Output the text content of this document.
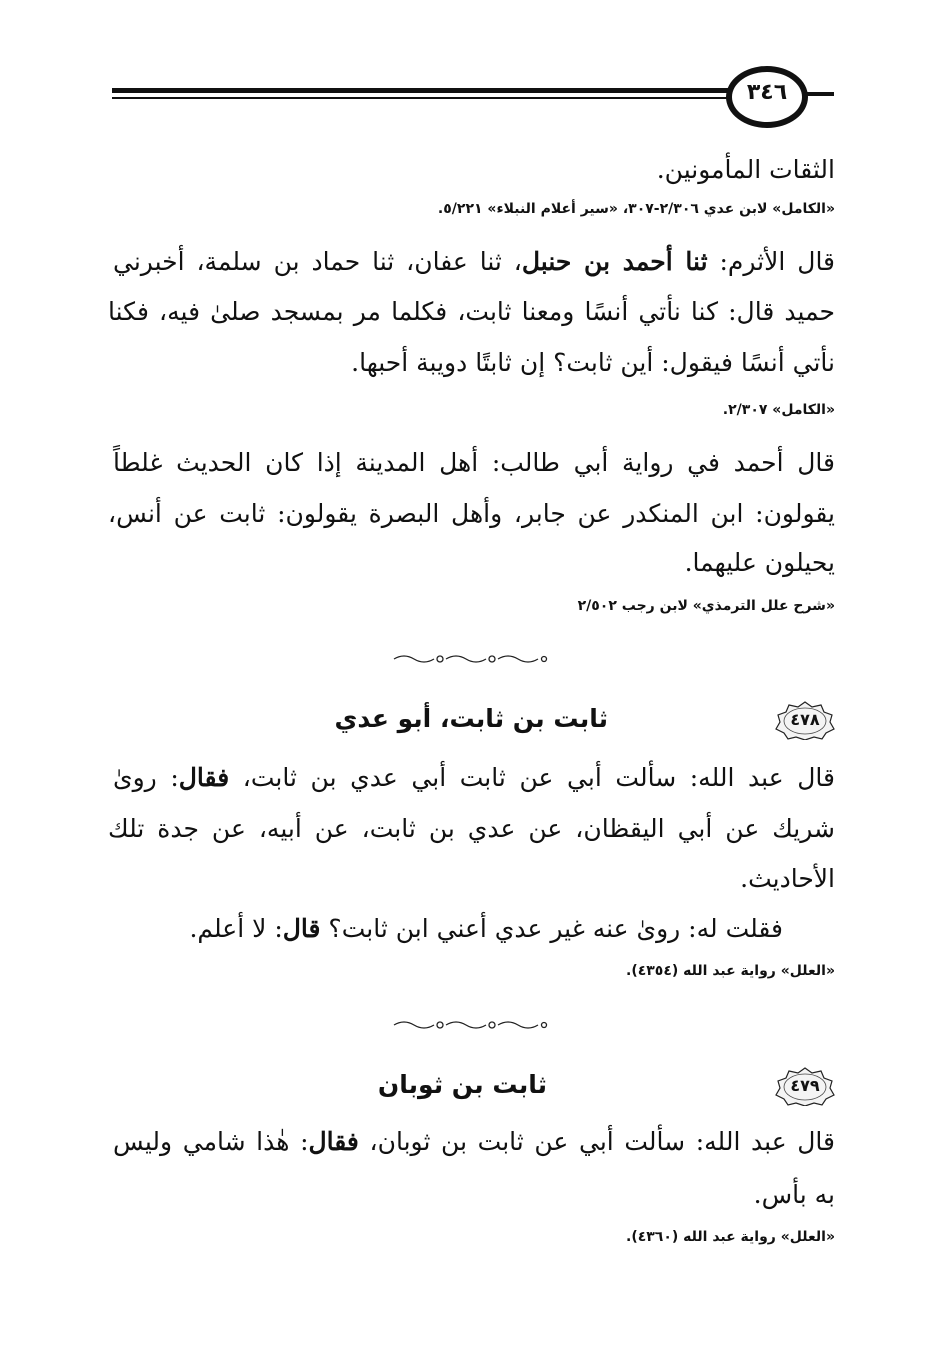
٣٤٦
الثقات المأمونين.
«الكامل» لابن عدي ٢/٣٠٦-٣٠٧، «سير أعلام النبلاء» ٥/٢٢١.
قال الأثرم: ثنا أحمد بن حنبل، ثنا عفان، ثنا حماد بن سلمة، أخبرني
حميد قال: كنا نأتي أنسًا ومعنا ثابت، فكلما مر بمسجد صلىٰ فيه، فكنا
نأتي أنسًا فيقول: أين ثابت؟ إن ثابتًا دويبة أحبها.
«الكامل» ٢/٣٠٧.
قال أحمد في رواية أبي طالب: أهل المدينة إذا كان الحديث غلطاً
يقولون: ابن المنكدر عن جابر، وأهل البصرة يقولون: ثابت عن أنس،
يحيلون عليهما.
«شرح علل الترمذي» لابن رجب ٢/٥٠٢
٤٧٨
ثابت بن ثابت، أبو عدي
قال عبد الله: سألت أبي عن ثابت أبي عدي بن ثابت، فقال: روىٰ
شريك عن أبي اليقظان، عن عدي بن ثابت، عن أبيه، عن جدة تلك
الأحاديث.
فقلت له: روىٰ عنه غير عدي أعني ابن ثابت؟ قال: لا أعلم.
«العلل» رواية عبد الله (٤٣٥٤).
٤٧٩
ثابت بن ثوبان
قال عبد الله: سألت أبي عن ثابت بن ثوبان، فقال: هٰذا شامي وليس
به بأس.
«العلل» رواية عبد الله (٤٣٦٠).
